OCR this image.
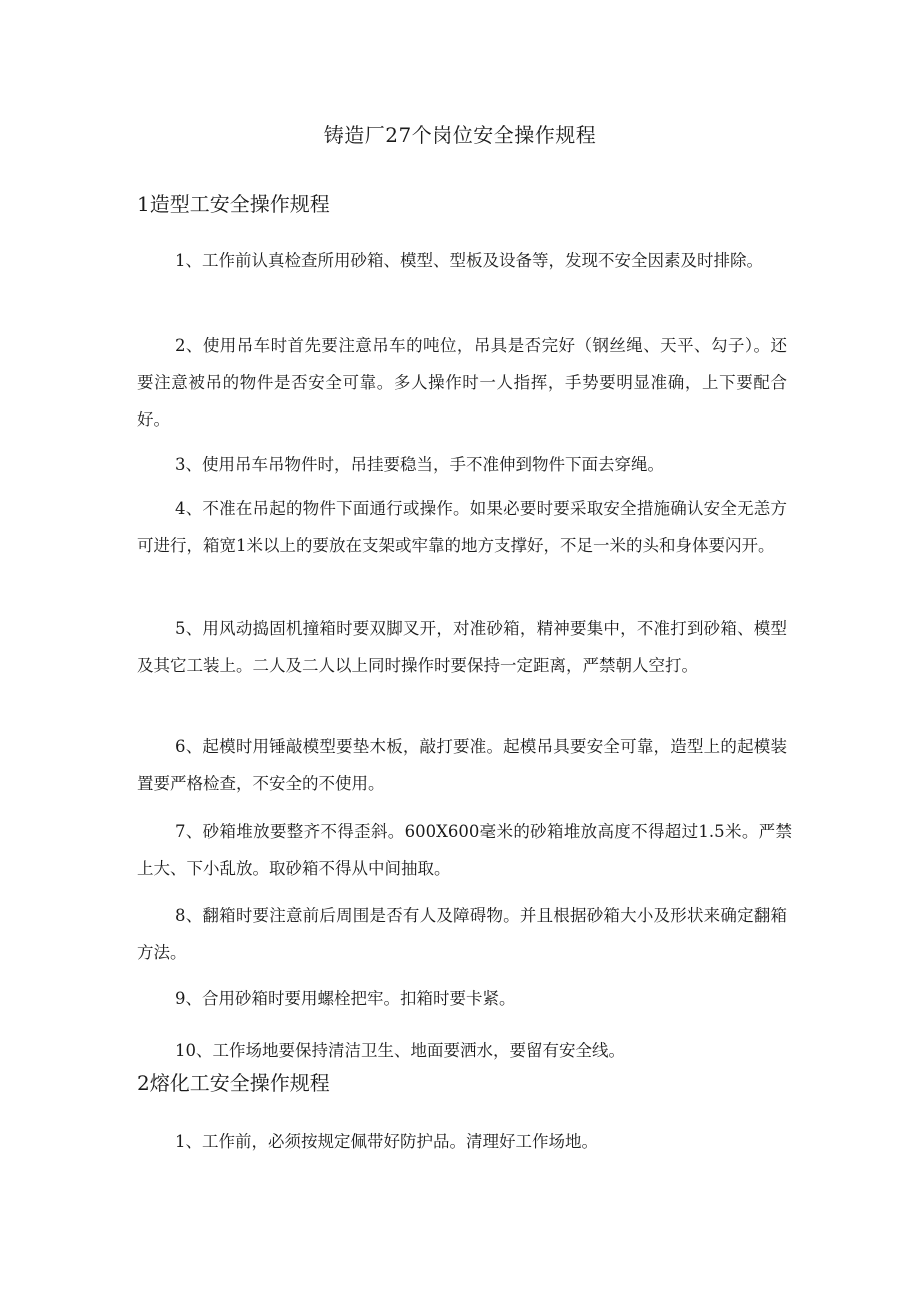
铸造厂27个岗位安全操作规程
1造型工安全操作规程

1、工作前认真检查所用砂箱、模型、型板及设备等，发现不安全因素及时排除。

2、使用吊车时首先要注意吊车的吨位，吊具是否完好（钢丝绳、天平、勾子）。还要注意被吊的物件是否安全可靠。多人操作时一人指挥，手势要明显准确，上下要配合好。

3、使用吊车吊物件时，吊挂要稳当，手不准伸到物件下面去穿绳。

4、不准在吊起的物件下面通行或操作。如果必要时要采取安全措施确认安全无恙方可进行，箱宽1米以上的要放在支架或牢靠的地方支撑好，不足一米的头和身体要闪开。

5、用风动捣固机撞箱时要双脚叉开，对准砂箱，精神要集中，不准打到砂箱、模型及其它工装上。二人及二人以上同时操作时要保持一定距离，严禁朝人空打。

6、起模时用锤敲模型要垫木板，敲打要准。起模吊具要安全可靠，造型上的起模装置要严格检查，不安全的不使用。

7、砂箱堆放要整齐不得歪斜。600X600毫米的砂箱堆放高度不得超过1.5米。严禁上大、下小乱放。取砂箱不得从中间抽取。

8、翻箱时要注意前后周围是否有人及障碍物。并且根据砂箱大小及形状来确定翻箱方法。

9、合用砂箱时要用螺栓把牢。扣箱时要卡紧。

10、工作场地要保持清洁卫生、地面要洒水，要留有安全线。

2熔化工安全操作规程

1、工作前，必须按规定佩带好防护品。清理好工作场地。
